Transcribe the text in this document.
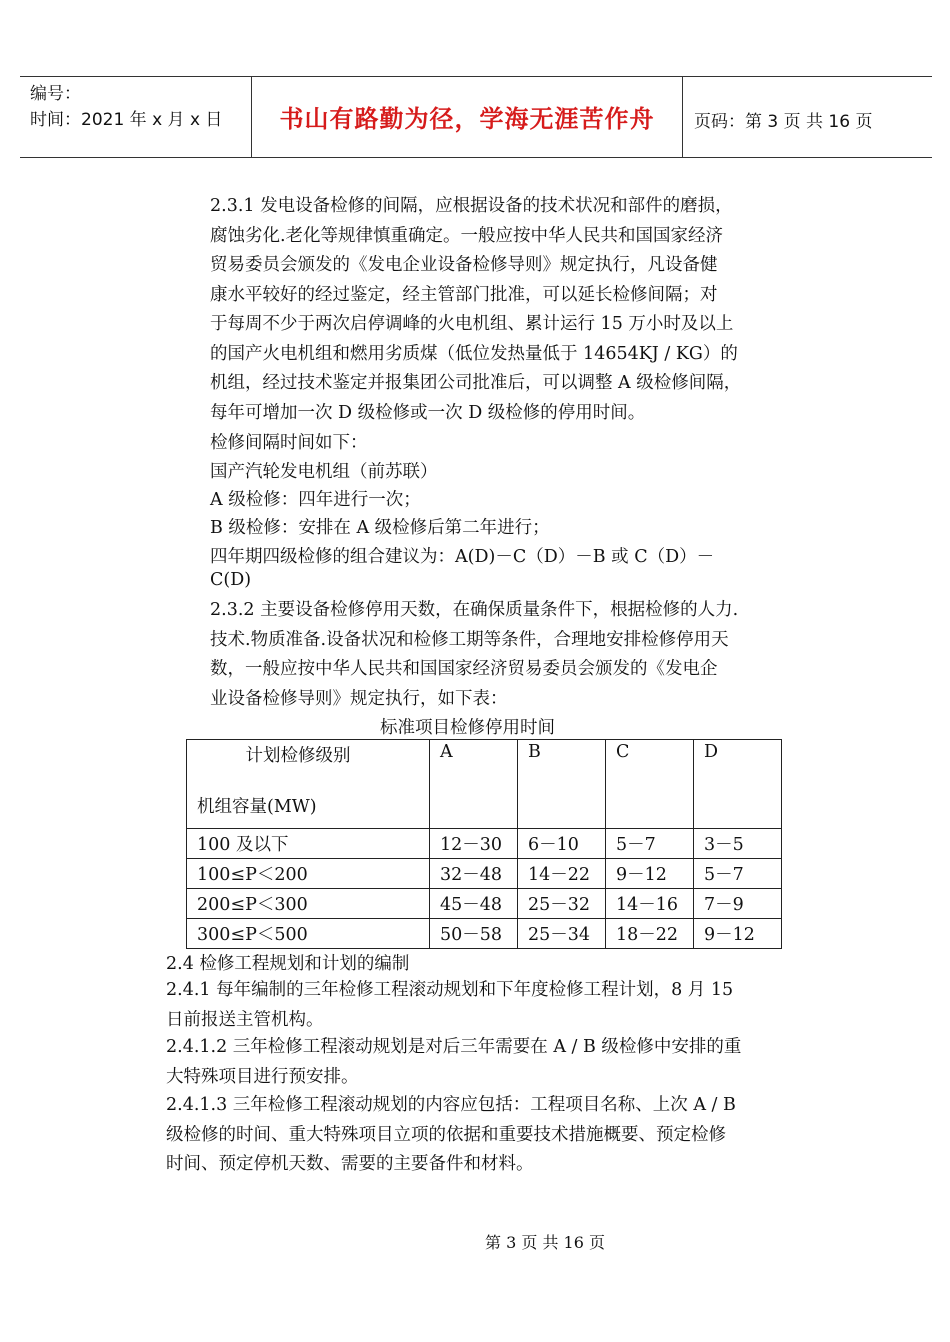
编号：
时间：2021 年 x 月 x 日	书山有路勤为径，学海无涯苦作舟	页码：第 3 页 共 16 页
2.3.1 发电设备检修的间隔，应根据设备的技术状况和部件的磨损，
腐蚀劣化.老化等规律慎重确定。一般应按中华人民共和国国家经济
贸易委员会颁发的《发电企业设备检修导则》规定执行，凡设备健
康水平较好的经过鉴定，经主管部门批准，可以延长检修间隔；对
于每周不少于两次启停调峰的火电机组、累计运行 15 万小时及以上
的国产火电机组和燃用劣质煤（低位发热量低于 14654KJ / KG）的
机组，经过技术鉴定并报集团公司批准后，可以调整 A 级检修间隔，
每年可增加一次 D 级检修或一次 D 级检修的停用时间。
检修间隔时间如下：
国产汽轮发电机组（前苏联）
A 级检修：四年进行一次；
B 级检修：安排在 A 级检修后第二年进行；
四年期四级检修的组合建议为：A(D)－C（D）－B 或 C（D）－
C(D)
2.3.2 主要设备检修停用天数，在确保质量条件下，根据检修的人力.
技术.物质准备.设备状况和检修工期等条件，合理地安排检修停用天
数，一般应按中华人民共和国国家经济贸易委员会颁发的《发电企
业设备检修导则》规定执行，如下表：
标准项目检修停用时间
计划检修级别
机组容量(MW)	A	B	C	D
100 及以下	12－30	6－10	5－7	3－5
100≤P＜200	32－48	14－22	9－12	5－7
200≤P＜300	45－48	25－32	14－16	7－9
300≤P＜500	50－58	25－34	18－22	9－12
2.4 检修工程规划和计划的编制
2.4.1 每年编制的三年检修工程滚动规划和下年度检修工程计划，8 月 15
日前报送主管机构。
2.4.1.2 三年检修工程滚动规划是对后三年需要在 A / B 级检修中安排的重
大特殊项目进行预安排。
2.4.1.3 三年检修工程滚动规划的内容应包括：工程项目名称、上次 A / B
级检修的时间、重大特殊项目立项的依据和重要技术措施概要、预定检修
时间、预定停机天数、需要的主要备件和材料。
第 3 页 共 16 页
